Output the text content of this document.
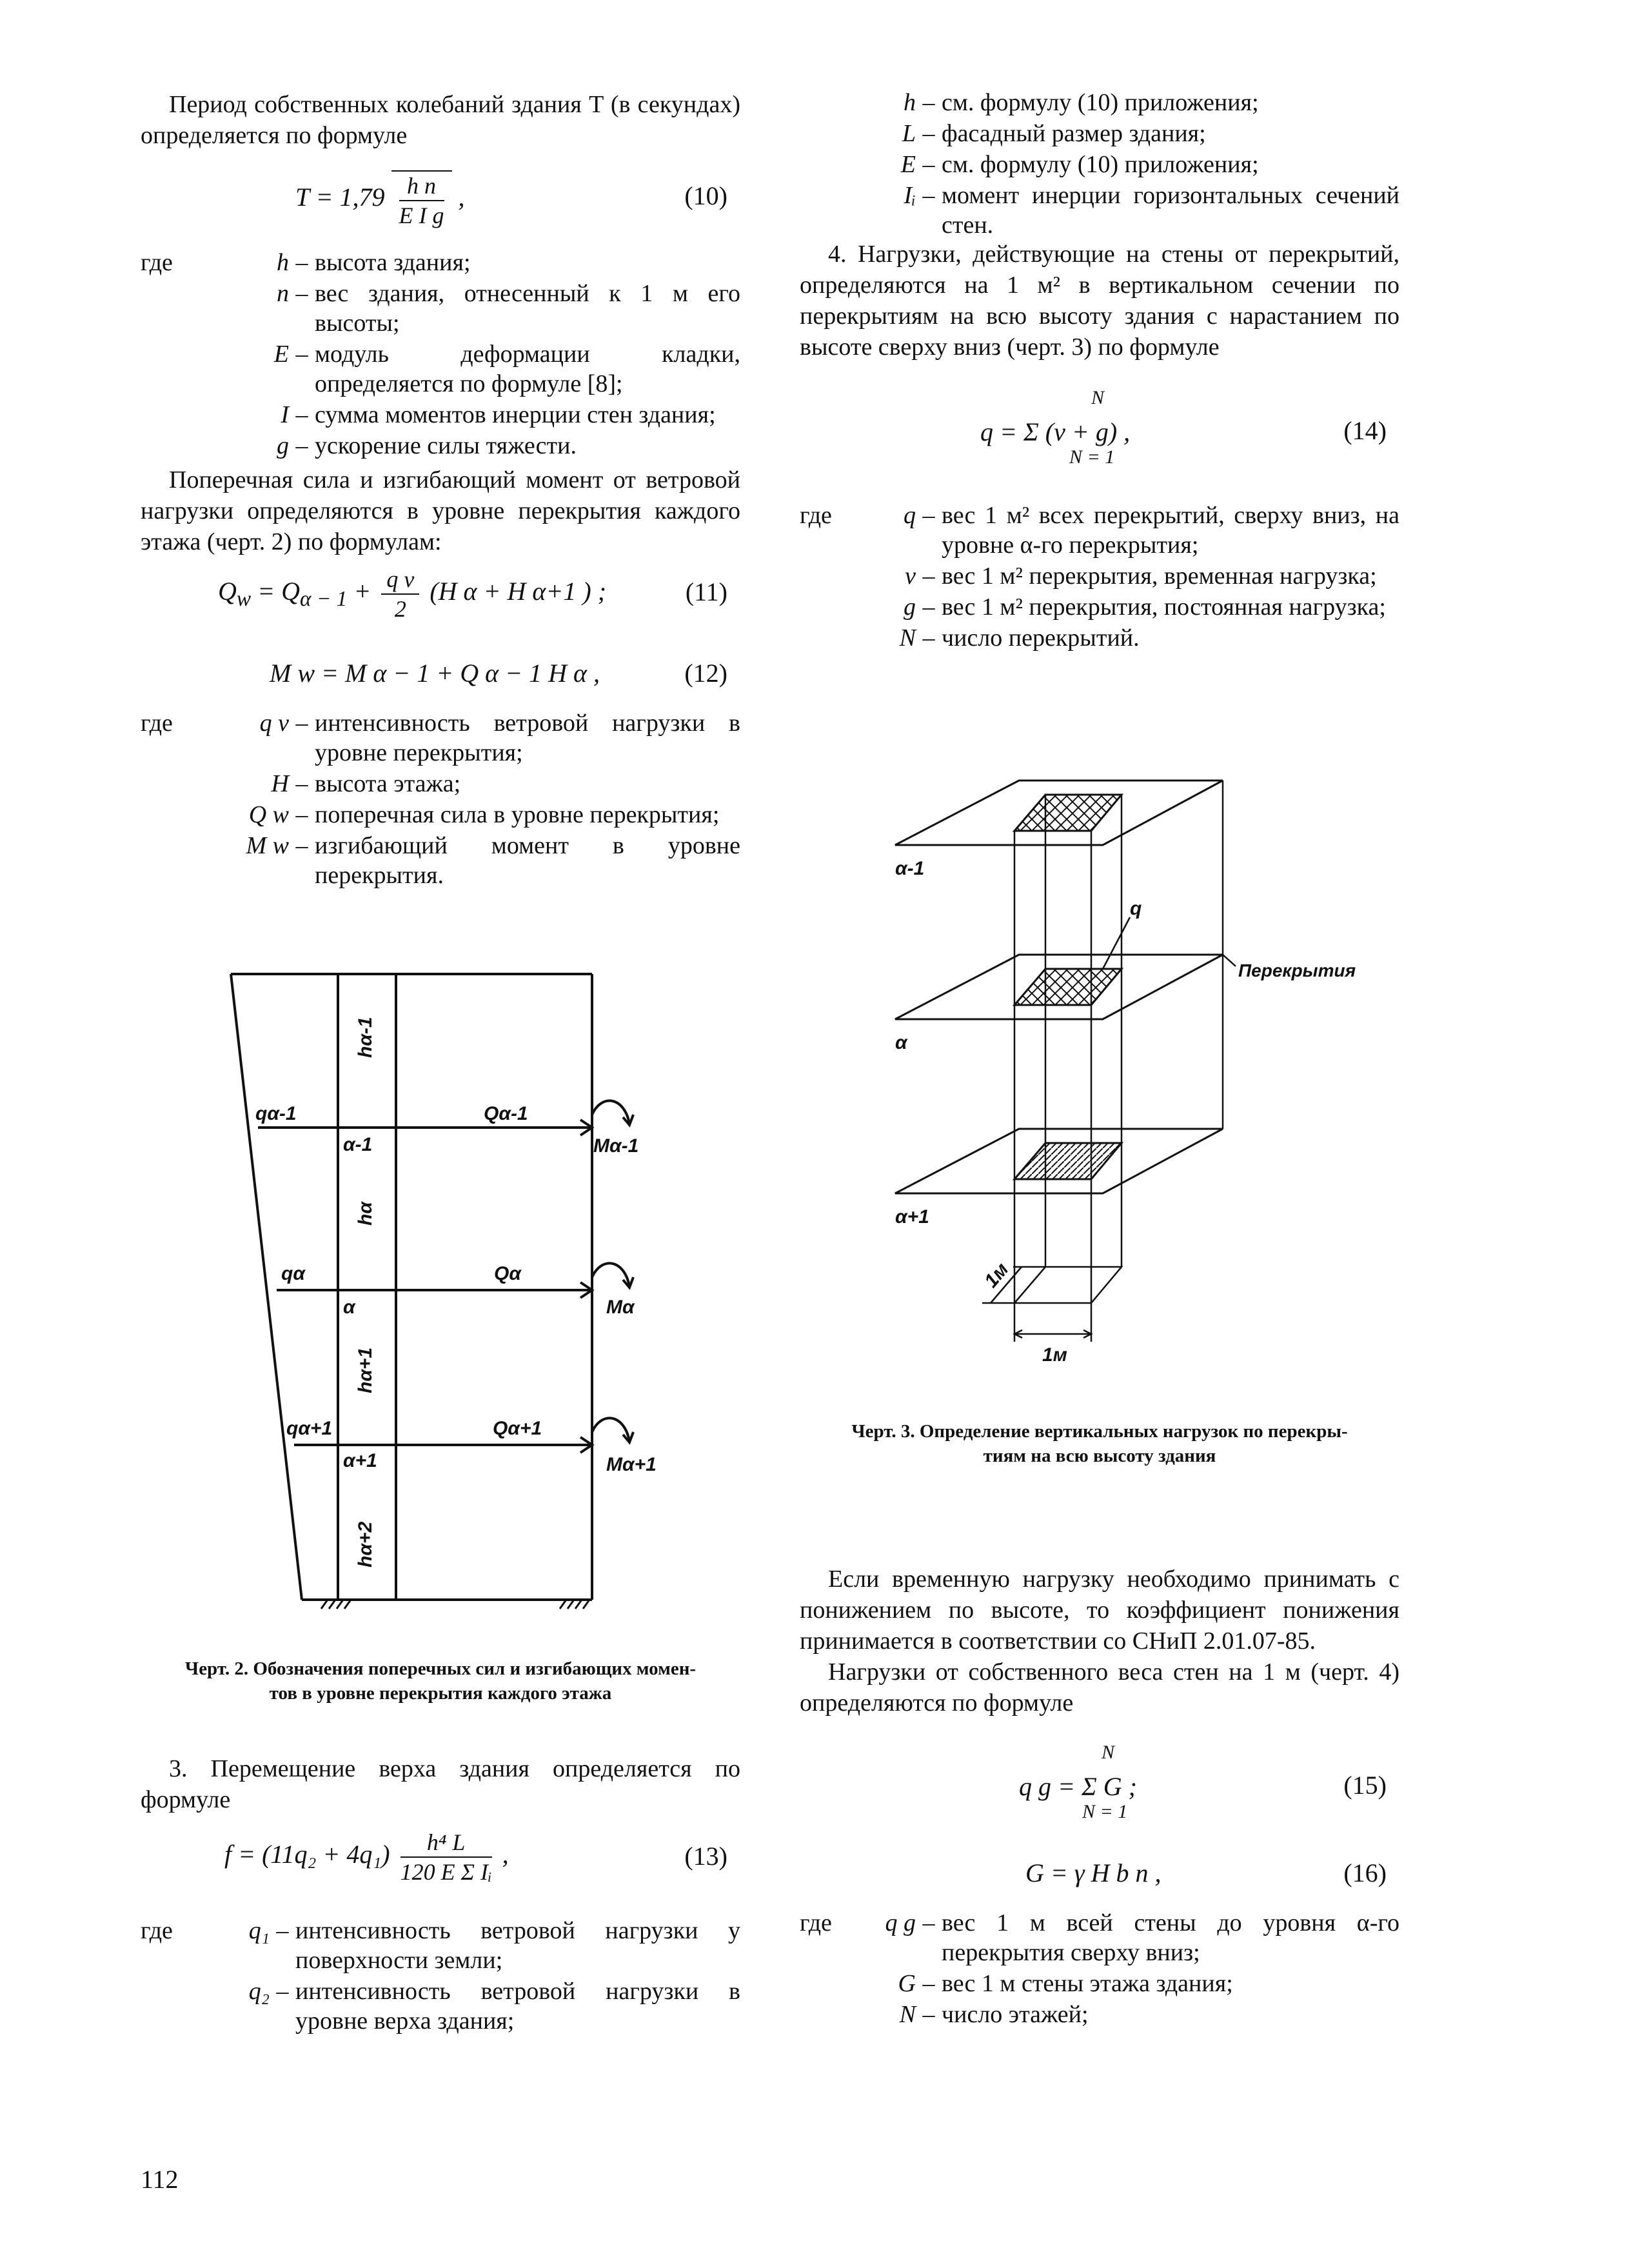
Период собственных колебаний здания T (в секундах) определяется по формуле

$T = 1,79 \frac{\text{h n}}{\text{E I g}}$ ,	(10)
где	h – высота здания;
n – вес здания, отнесенный к 1 м его высоты;
E – модуль деформации кладки, определяется по формуле [8];
I – сумма моментов инерции стен здания;
g – ускорение силы тяжести.

Поперечная сила и изгибающий момент от ветровой нагрузки определяются в уровне перекрытия каждого этажа (черт. 2) по формулам:

$Q_w = Q_{\alpha - 1} + \frac{\text{q v}}{2} (H$ α + H α+1 ) ;	(11)
M w = M α − 1 + Q α − 1 H α ,	(12)
где	q v – интенсивность ветровой нагрузки в уровне перекрытия;
H – высота этажа;
Q w – поперечная сила в уровне перекрытия;
M w – изгибающий момент в уровне перекрытия.
hα-1
hα
hα+1
hα+2
qα-1
qα
qα+1
Qα-1
Qα
Qα+1
Mα-1
Mα
Mα+1
α-1
α
α+1
Черт. 2. Обозначения поперечных сил и изгибающих момен-
тов в уровне перекрытия каждого этажа

3. Перемещение верха здания определяется по формуле

$f = (11q_2 + 4q_1) \frac{\text{h⁴ L}}{\text{120 E Σ Iᵢ}}$ ,	(13)
где	q₁ – интенсивность ветровой нагрузки у поверхности земли;
q₂ – интенсивность ветровой нагрузки в уровне верха здания;
112
h – см. формулу (10) приложения;
L – фасадный размер здания;
E – см. формулу (10) приложения;
Iᵢ – момент инерции горизонтальных сечений стен.

4. Нагрузки, действующие на стены от перекрытий, определяются на 1 м² в вертикальном сечении по перекрытиям на всю высоту здания с нарастанием по высоте сверху вниз (черт. 3) по формуле

N
q = Σ (v + g) ,
N = 1
(14)
где	q – вес 1 м² всех перекрытий, сверху вниз, на уровне α-го перекрытия;
v – вес 1 м² перекрытия, временная нагрузка;
g – вес 1 м² перекрытия, постоянная нагрузка;
N – число перекрытий.
α-1
α
α+1
q
Перекрытия
1м
1м
Черт. 3. Определение вертикальных нагрузок по перекры-
тиям на всю высоту здания

Если временную нагрузку необходимо принимать с понижением по высоте, то коэффициент понижения принимается в соответствии со СНиП 2.01.07-85.

Нагрузки от собственного веса стен на 1 м (черт. 4) определяются по формуле

N
q g = Σ G ;
N = 1
(15)
G = γ H b n ,	(16)
где	q g – вес 1 м всей стены до уровня α-го перекрытия сверху вниз;
G – вес 1 м стены этажа здания;
N – число этажей;
